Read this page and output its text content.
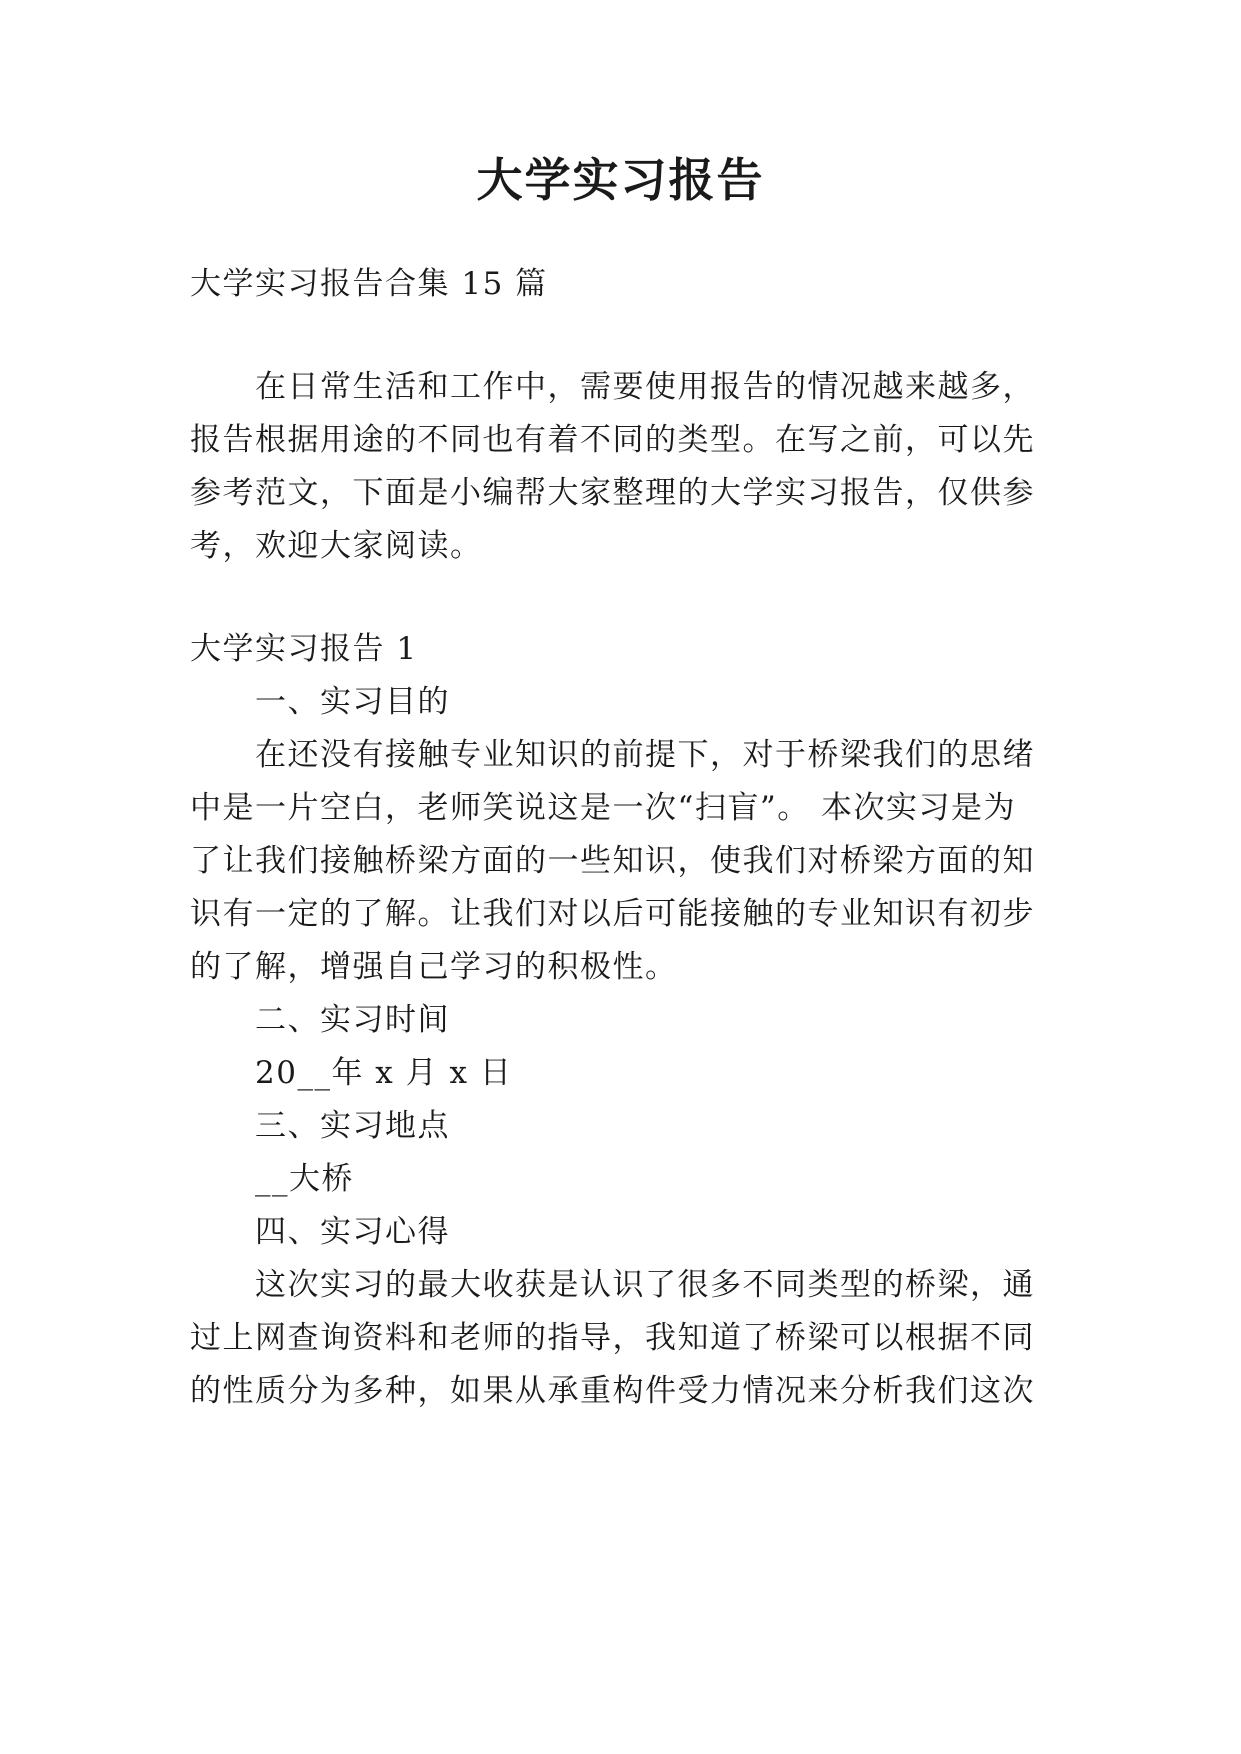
大学实习报告
大学实习报告合集 15 篇
在日常生活和工作中，需要使用报告的情况越来越多，
报告根据用途的不同也有着不同的类型。在写之前，可以先
参考范文，下面是小编帮大家整理的大学实习报告，仅供参
考，欢迎大家阅读。
大学实习报告 1
一、实习目的
在还没有接触专业知识的前提下，对于桥梁我们的思绪
中是一片空白，老师笑说这是一次“扫盲”。 本次实习是为
了让我们接触桥梁方面的一些知识，使我们对桥梁方面的知
识有一定的了解。让我们对以后可能接触的专业知识有初步
的了解，增强自己学习的积极性。
二、实习时间
20__年 x 月 x 日
三、实习地点
__大桥
四、实习心得
这次实习的最大收获是认识了很多不同类型的桥梁，通
过上网查询资料和老师的指导，我知道了桥梁可以根据不同
的性质分为多种，如果从承重构件受力情况来分析我们这次
